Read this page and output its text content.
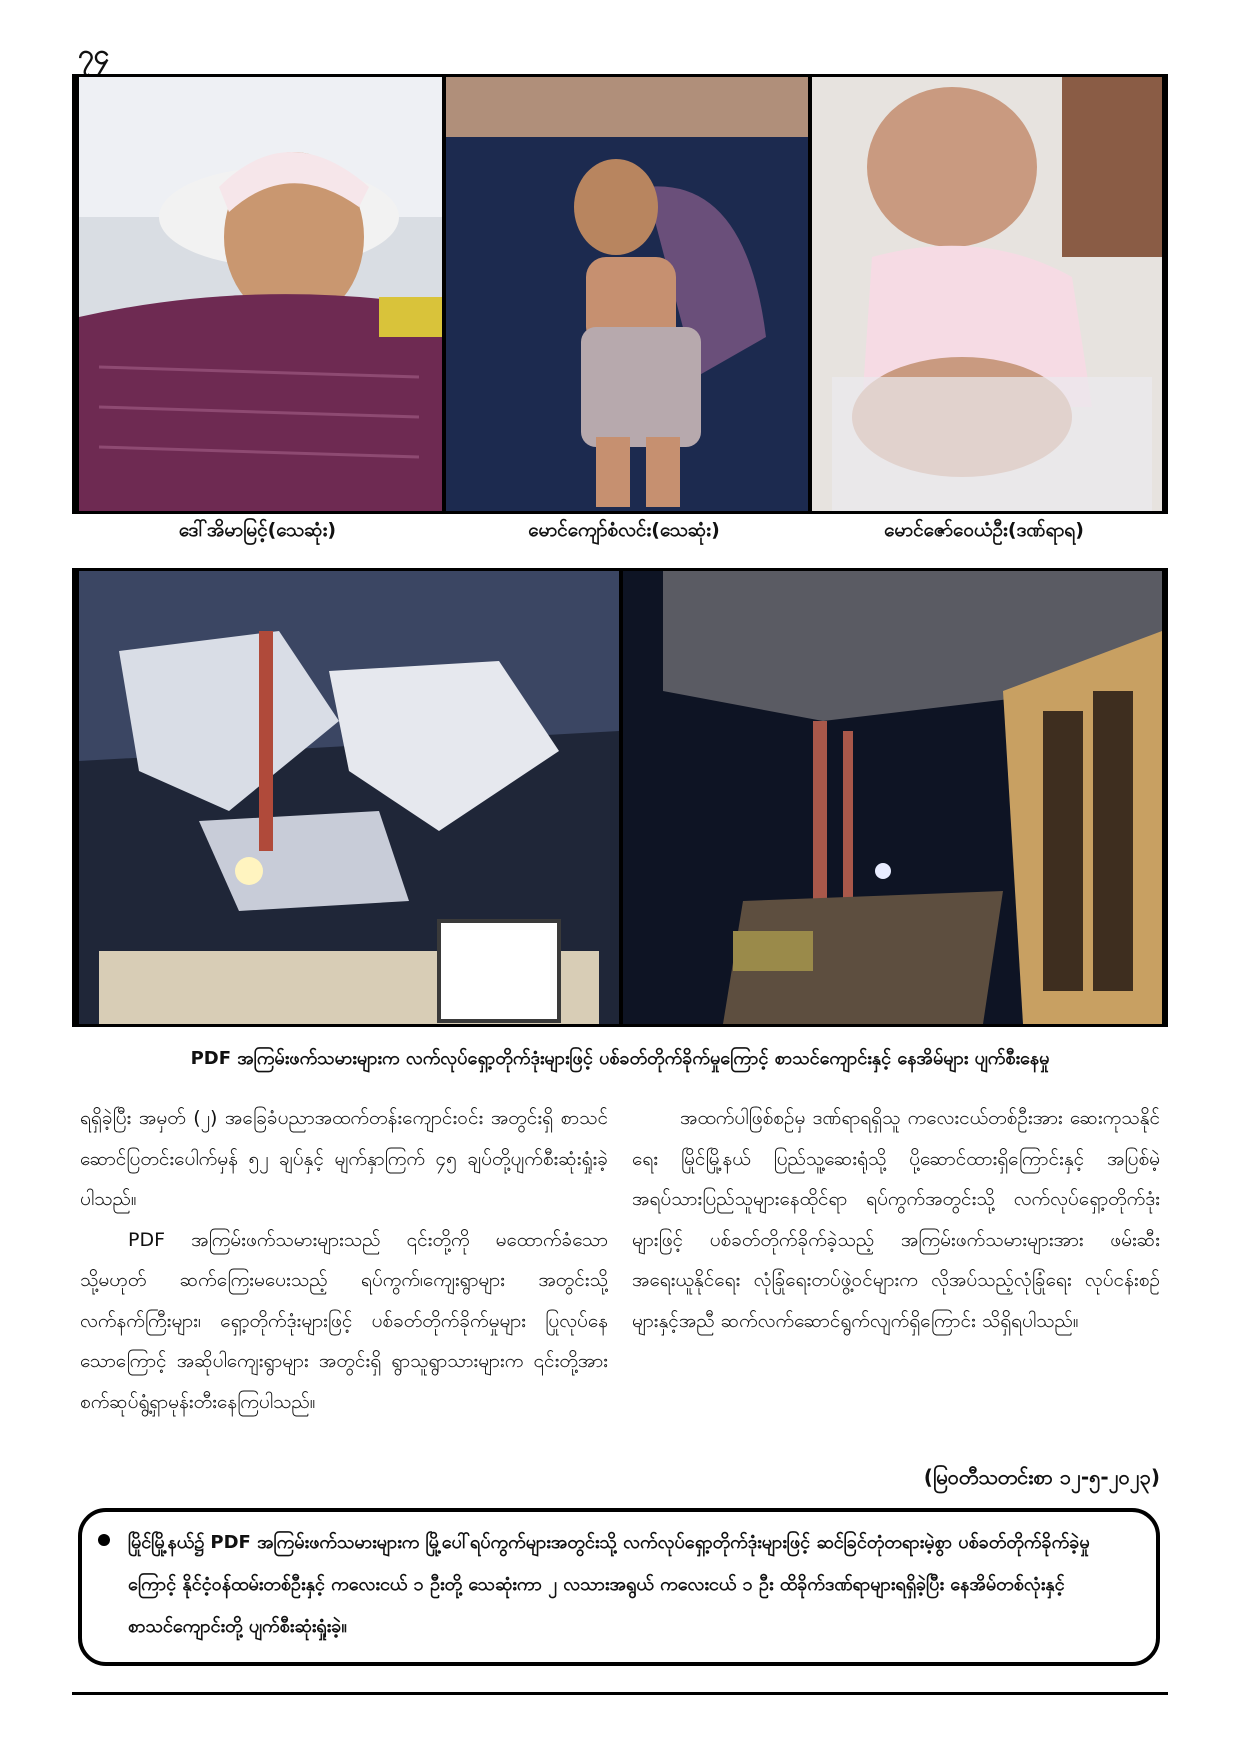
၇၄
ဒေါ်အိမာမြင့်(သေဆုံး)	မောင်ကျော်စံလင်း(သေဆုံး)	မောင်ဇော်ဝေယံဦး(ဒဏ်ရာရ)
PDF အကြမ်းဖက်သမားများက လက်လုပ်ရှော့တိုက်ဒုံးများဖြင့် ပစ်ခတ်တိုက်ခိုက်မှုကြောင့် စာသင်ကျောင်းနှင့် နေအိမ်များ ပျက်စီးနေမှု

ရရှိခဲ့ပြီး အမှတ် (၂) အခြေခံပညာအထက်တန်းကျောင်းဝင်း အတွင်းရှိ စာသင်ဆောင်ပြတင်းပေါက်မှန် ၅၂ ချပ်နှင့် မျက်နှာကြက် ၄၅ ချပ်တို့ပျက်စီးဆုံးရှုံးခဲ့ပါသည်။

PDF အကြမ်းဖက်သမားများသည် ၎င်းတို့ကို မထောက်ခံသော သို့မဟုတ် ဆက်ကြေးမပေးသည့် ရပ်ကွက်၊ကျေးရွာများ အတွင်းသို့ လက်နက်ကြီးများ၊ ရှော့တိုက်ဒုံးများဖြင့် ပစ်ခတ်တိုက်ခိုက်မှုများ ပြုလုပ်နေသောကြောင့် အဆိုပါကျေးရွာများ အတွင်းရှိ ရွာသူရွာသားများက ၎င်းတို့အား စက်ဆုပ်ရွံ့ရှာမုန်းတီးနေကြပါသည်။

အထက်ပါဖြစ်စဉ်မှ ဒဏ်ရာရရှိသူ ကလေးငယ်တစ်ဦးအား ဆေးကုသနိုင်ရေး မြိုင်မြို့နယ် ပြည်သူ့ဆေးရုံသို့ ပို့ဆောင်ထားရှိကြောင်းနှင့် အပြစ်မဲ့အရပ်သားပြည်သူများနေထိုင်ရာ ရပ်ကွက်အတွင်းသို့ လက်လုပ်ရှော့တိုက်ဒုံးများဖြင့် ပစ်ခတ်တိုက်ခိုက်ခဲ့သည့် အကြမ်းဖက်သမားများအား ဖမ်းဆီးအရေးယူနိုင်ရေး လုံခြုံရေးတပ်ဖွဲ့ဝင်များက လိုအပ်သည့်လုံခြုံရေး လုပ်ငန်းစဉ်များနှင့်အညီ ဆက်လက်ဆောင်ရွက်လျက်ရှိကြောင်း သိရှိရပါသည်။

(မြဝတီသတင်းစာ ၁၂-၅-၂၀၂၃)
မြိုင်မြို့နယ်၌ PDF အကြမ်းဖက်သမားများက မြို့ပေါ်ရပ်ကွက်များအတွင်းသို့ လက်လုပ်ရှော့တိုက်ဒုံးများဖြင့် ဆင်ခြင်တုံတရားမဲ့စွာ ပစ်ခတ်တိုက်ခိုက်ခဲ့မှုကြောင့် နိုင်ငံ့ဝန်ထမ်းတစ်ဦးနှင့် ကလေးငယ် ၁ ဦးတို့ သေဆုံးကာ ၂ လသားအရွယ် ကလေးငယ် ၁ ဦး ထိခိုက်ဒဏ်ရာများရရှိခဲ့ပြီး နေအိမ်တစ်လုံးနှင့် စာသင်ကျောင်းတို့ ပျက်စီးဆုံးရှုံးခဲ့။
